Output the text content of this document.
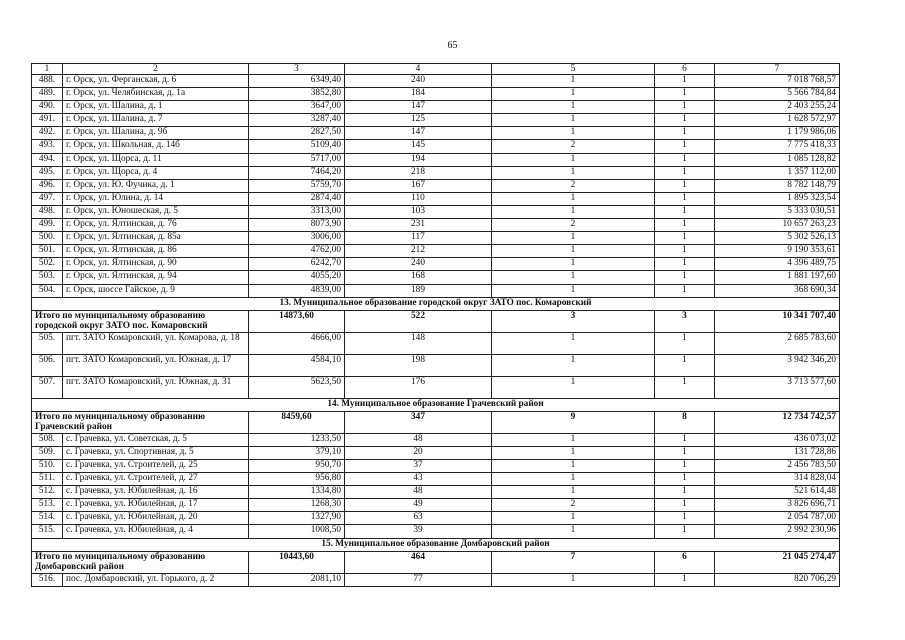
65
1	2	3	4	5	6	7
488.	г. Орск, ул. Ферганская, д. 6	6349,40	240	1	1	7 018 768,57
489.	г. Орск, ул. Челябинская, д. 1а	3852,80	184	1	1	5 566 784,84
490.	г. Орск, ул. Шалина, д. 1	3647,00	147	1	1	2 403 255,24
491.	г. Орск, ул. Шалина, д. 7	3287,40	125	1	1	1 628 572,97
492.	г. Орск, ул. Шалина, д. 9б	2827,50	147	1	1	1 179 986,06
493.	г. Орск, ул. Школьная, д. 14б	5109,40	145	2	1	7 775 418,33
494.	г. Орск, ул. Щорса, д. 11	5717,00	194	1	1	1 085 128,82
495.	г. Орск, ул. Щорса, д. 4	7464,20	218	1	1	1 357 112,00
496.	г. Орск, ул. Ю. Фучика, д. 1	5759,70	167	2	1	8 782 148,79
497.	г. Орск, ул. Юлина, д. 14	2874,40	110	1	1	1 895 323,54
498.	г. Орск, ул. Юношеская, д. 5	3313,00	103	1	1	5 333 030,51
499.	г. Орск, ул. Ялтинская, д. 76	8073,90	231	2	1	10 657 263,23
500.	г. Орск, ул. Ялтинская, д. 85а	3006,00	117	1	1	5 302 526,13
501.	г. Орск, ул. Ялтинская, д. 86	4762,00	212	1	1	9 190 353,61
502.	г. Орск, ул. Ялтинская, д. 90	6242,70	240	1	1	4 396 489,75
503.	г. Орск, ул. Ялтинская, д. 94	4055,20	168	1	1	1 881 197,60
504.	г. Орск, шоссе Гайское, д. 9	4839,00	189	1	1	368 690,34
13. Муниципальное образование городской округ ЗАТО пос. Комаровский						
Итого по муниципальному образованию городской округ ЗАТО пос. Комаровский		14873,60	522	3	3	10 341 707,40
505.	пгт. ЗАТО Комаровский, ул. Комарова, д. 18	4666,00	148	1	1	2 685 783,60
506.	пгт. ЗАТО Комаровский, ул. Южная, д. 17	4584,10	198	1	1	3 942 346,20
507.	пгт. ЗАТО Комаровский, ул. Южная, д. 31	5623,50	176	1	1	3 713 577,60
14. Муниципальное образование Грачевский район						
Итого по муниципальному образованию Грачевский район		8459,60	347	9	8	12 734 742,57
508.	с. Грачевка, ул. Советская, д. 5	1233,50	48	1	1	436 073,02
509.	с. Грачевка, ул. Спортивная, д. 5	379,10	20	1	1	131 728,86
510.	с. Грачевка, ул. Строителей, д. 25	950,70	37	1	1	2 456 783,50
511.	с. Грачевка, ул. Строителей, д. 27	956,80	43	1	1	314 828,04
512.	с. Грачевка, ул. Юбилейная, д. 16	1334,80	48	1	1	521 614,48
513.	с. Грачевка, ул. Юбилейная, д. 17	1268,30	49	2	1	3 826 696,71
514.	с. Грачевка, ул. Юбилейная, д. 20	1327,90	63	1	1	2 054 787,00
515.	с. Грачевка, ул. Юбилейная, д. 4	1008,50	39	1	1	2 992 230,96
15. Муниципальное образование Домбаровский район						
Итого по муниципальному образованию Домбаровский район		10443,60	464	7	6	21 045 274,47
516.	пос. Домбаровский, ул. Горького, д. 2	2081,10	77	1	1	820 706,29
